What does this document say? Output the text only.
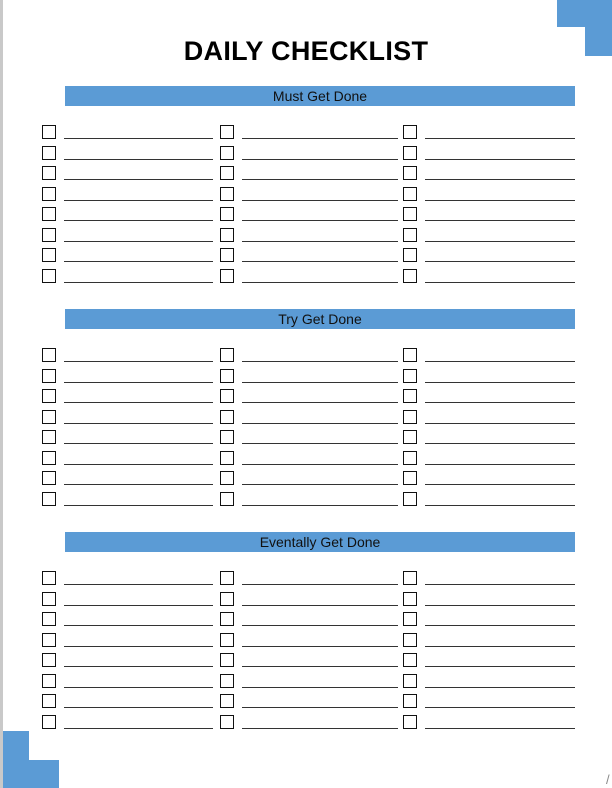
DAILY CHECKLIST
Must Get Done
Try Get Done
Eventally Get Done
/
